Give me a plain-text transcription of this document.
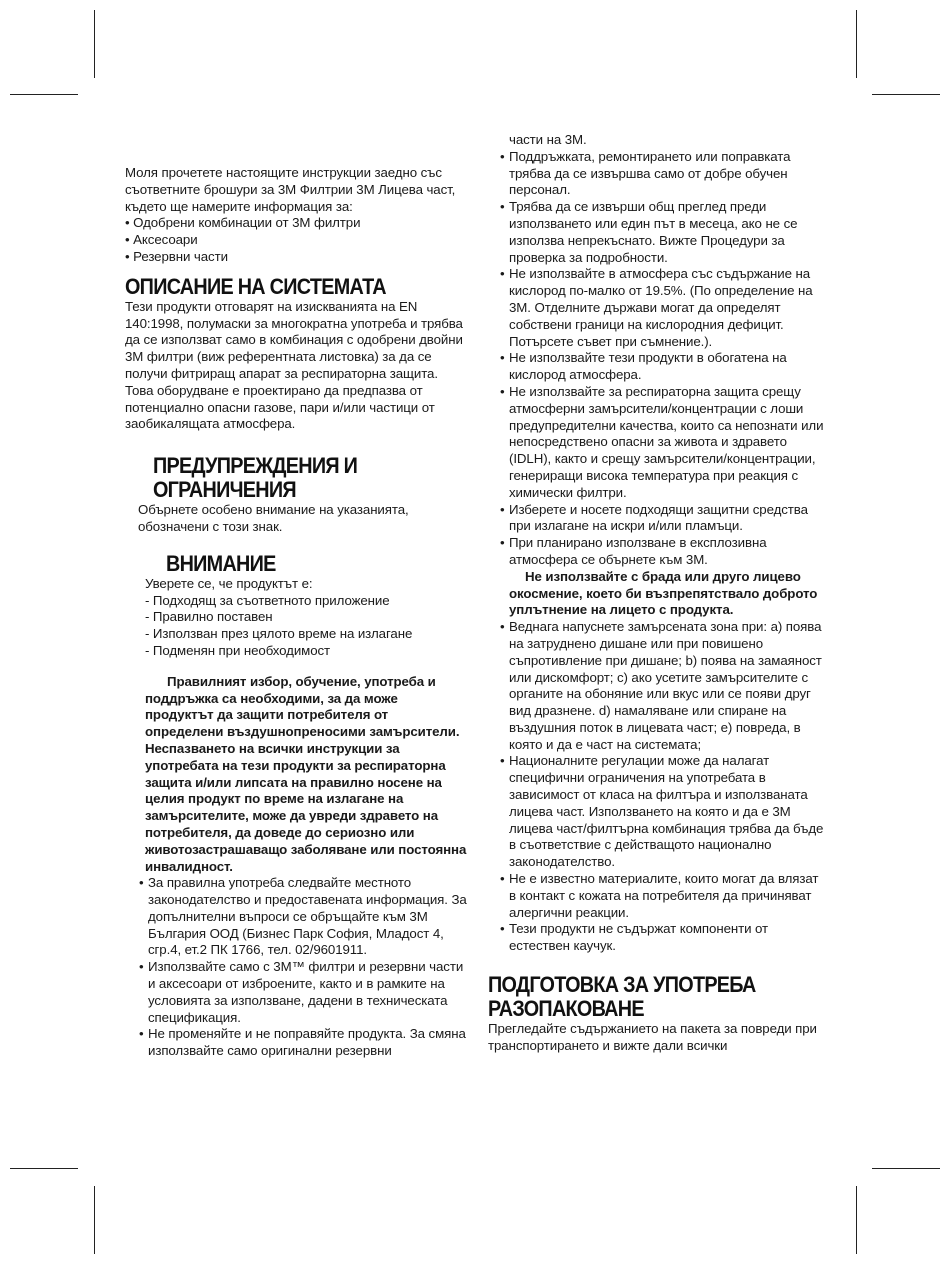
Моля прочетете настоящите инструкции заедно със съответните брошури за 3М Филтрии 3М Лицева част, където ще намерите информация за:

• Одобрени комбинации от 3М филтри

• Аксесоари

• Резервни части

ОПИСАНИЕ НА СИСТЕМАТА

Тези продукти отговарят на изискванията на EN 140:1998, полумаски за многократна употреба и трябва да се използват само в комбинация с одобрени двойни 3М филтри (виж референтната листовка) за да се получи фитриращ апарат за респираторна защита. Това оборудване е проектирано да предпазва от потенциално опасни газове, пари и/или частици от заобикалящата атмосфера.

ПРЕДУПРЕЖДЕНИЯ И
ОГРАНИЧЕНИЯ

Обърнете особено внимание на указанията, обозначени с този знак.

ВНИМАНИЕ

Уверете се, че продуктът е:

- Подходящ за съответното приложение

- Правилно поставен

- Използван през цялото време на излагане

- Подменян при необходимост

Правилният избор, обучение, употреба и поддръжка са необходими, за да може продуктът да защити потребителя от определени въздушнопреносими замърсители. Неспазването на всички инструкции за употребата на тези продукти за респираторна защита и/или липсата на правилно носене на целия продукт по време на излагане на замърсителите, може да увреди здравето на потребителя, да доведе до сериозно или животозастрашаващо заболяване или постоянна инвалидност.

• За правилна употреба следвайте местното законодателство и предоставената информация. За допълнителни въпроси се обръщайте към 3М България ООД (Бизнес Парк София, Младост 4, сгр.4, ет.2 ПК 1766, тел. 02/9601911.
• Използвайте само с 3M™ филтри и резервни части и аксесоари от изброените, както и в рамките на условията за използване, дадени в техническата спецификация.
• Не променяйте и не поправяйте продукта. За смяна използвайте само оригинални резервни

части на 3М.

• Поддръжката, ремонтирането или поправката трябва да се извършва само от добре обучен персонал.
• Трябва да се извърши общ преглед преди използването или един път в месеца, ако не се използва непрекъснато. Вижте Процедури за проверка за подробности.
• Не използвайте в атмосфера със съдържание на кислород по-малко от 19.5%. (По определение на 3М. Отделните държави могат да определят собствени граници на кислородния дефицит. Потърсете съвет при съмнение.).
• Не използвайте тези продукти в обогатена на кислород атмосфера.
• Не използвайте за респираторна защита срещу атмосферни замърсители/концентрации с лоши предупредителни качества, които са непознати или непосредствено опасни за живота и здравето (IDLH), както и срещу замърсители/концентрации, генериращи висока температура при реакция с химически филтри.
• Изберете и носете подходящи защитни средства при излагане на искри и/или пламъци.
• При планирано използване в експлозивна атмосфера се обърнете към 3М.

Не използвайте с брада или друго лицево окосмение, което би възпрепятствало доброто уплътнение на лицето с продукта.

• Веднага напуснете замърсената зона при: a) поява на затруднено дишане или при повишено съпротивление при дишане; b) поява на замаяност или дискомфорт; c) ако усетите замърсителите с органите на обоняние или вкус или се появи друг вид дразнене. d) намаляване или спиране на въздушния поток в лицевата част; e) повреда, в която и да е част на системата;
• Националните регулации може да налагат специфични ограничения на употребата в зависимост от класа на филтъра и използваната лицева част. Използването на която и да е 3М лицева част/филтърна комбинация трябва да бъде в съответствие с действащото национално законодателство.
• Не е известно материалите, които могат да влязат в контакт с кожата на потребителя да причиняват алергични реакции.
• Тези продукти не съдържат компоненти от естествен каучук.
ПОДГОТОВКА ЗА УПОТРЕБА
РАЗОПАКОВАНЕ

Прегледайте съдържанието на пакета за повреди при транспортирането и вижте дали всички
